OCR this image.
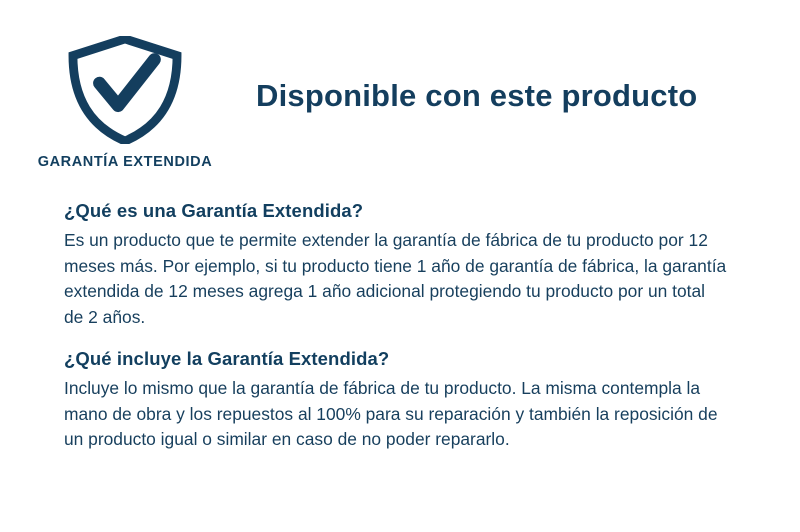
GARANTÍA EXTENDIDA
Disponible con este producto
¿Qué es una Garantía Extendida?

Es un producto que te permite extender la garantía de fábrica de tu producto por 12 meses más. Por ejemplo, si tu producto tiene 1 año de garantía de fábrica, la garantía extendida de 12 meses agrega 1 año adicional protegiendo tu producto por un total de 2 años.

¿Qué incluye la Garantía Extendida?

Incluye lo mismo que la garantía de fábrica de tu producto. La misma contempla la mano de obra y los repuestos al 100% para su reparación y también la reposición de un producto igual o similar en caso de no poder repararlo.
